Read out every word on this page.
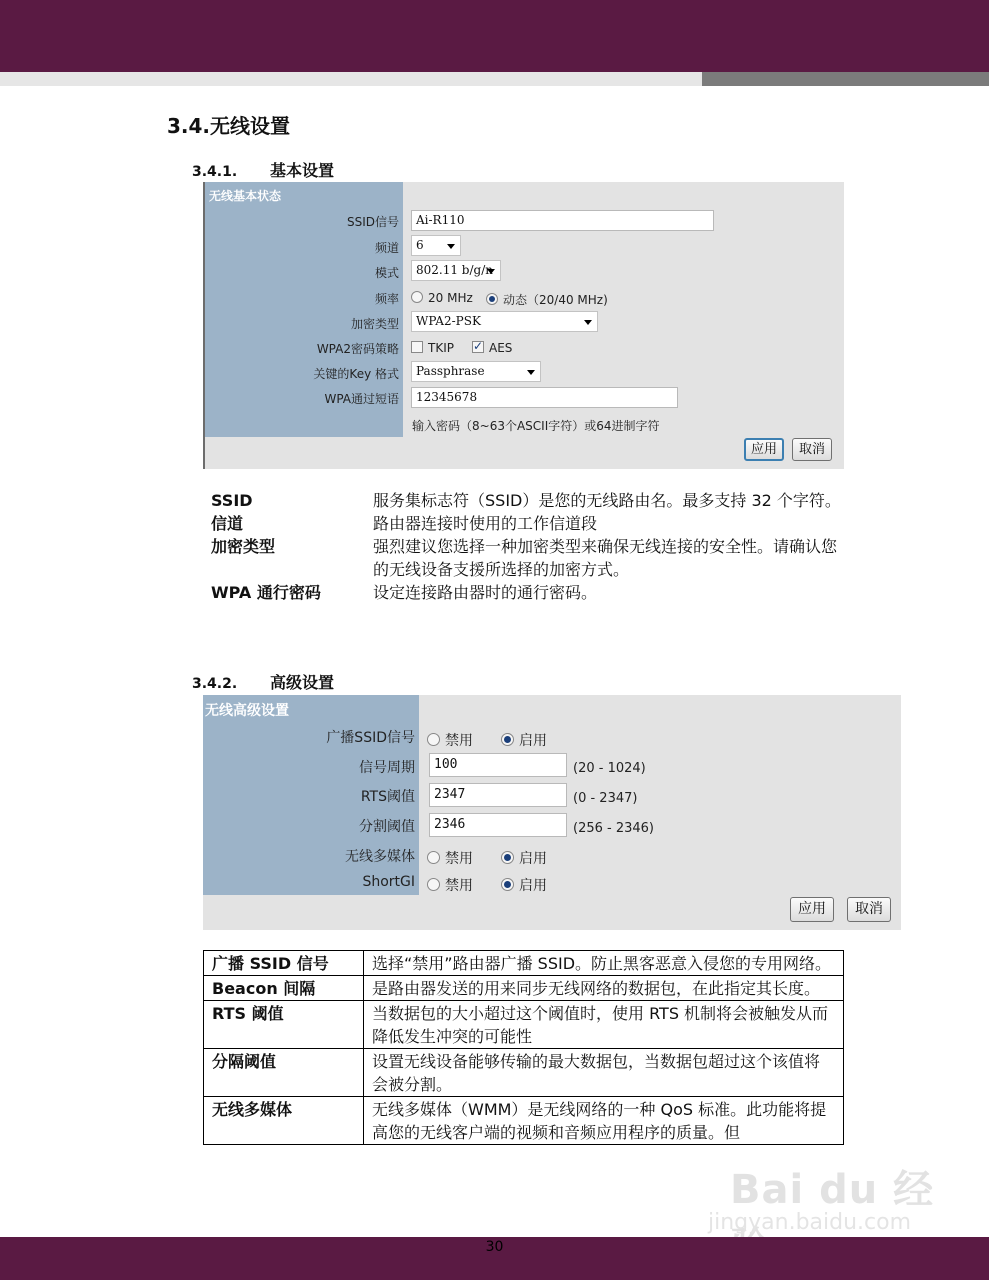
3.4.无线设置
3.4.1. 基本设置
无线基本状态
SSID信号	Ai-R110
频道	6
模式	802.11 b/g/n
频率	20 MHz	动态（20/40 MHz)
加密类型	WPA2-PSK
WPA2密码策略	TKIP ✓	AES
关键的Key 格式	Passphrase
WPA通过短语	12345678
输入密码（8~63个ASCII字符）或64进制字符
应用	取消
SSID	服务集标志符（SSID）是您的无线路由名。最多支持 32 个字符。
信道	路由器连接时使用的工作信道段
加密类型	强烈建议您选择一种加密类型来确保无线连接的安全性。请确认您的无线设备支援所选择的加密方式。
WPA 通行密码	设定连接路由器时的通行密码。
3.4.2. 高级设置
无线高级设置
广播SSID信号	禁用	启用
信号周期	100	(20 - 1024)
RTS阈值	2347	(0 - 2347)
分割阈值	2346	(256 - 2346)
无线多媒体	禁用	启用
ShortGI	禁用	启用
应用	取消
广播 SSID 信号	选择“禁用”路由器广播 SSID。防止黑客恶意入侵您的专用网络。
Beacon 间隔	是路由器发送的用来同步无线网络的数据包，在此指定其长度。
RTS 阈值	当数据包的大小超过这个阈值时，使用 RTS 机制将会被触发从而降低发生冲突的可能性
分隔阈值	设置无线设备能够传输的最大数据包，当数据包超过这个该值将会被分割。
无线多媒体	无线多媒体（WMM）是无线网络的一种 QoS 标准。此功能将提高您的无线客户端的视频和音频应用程序的质量。但
Bai du 经
jingyan.baidu.com
30
